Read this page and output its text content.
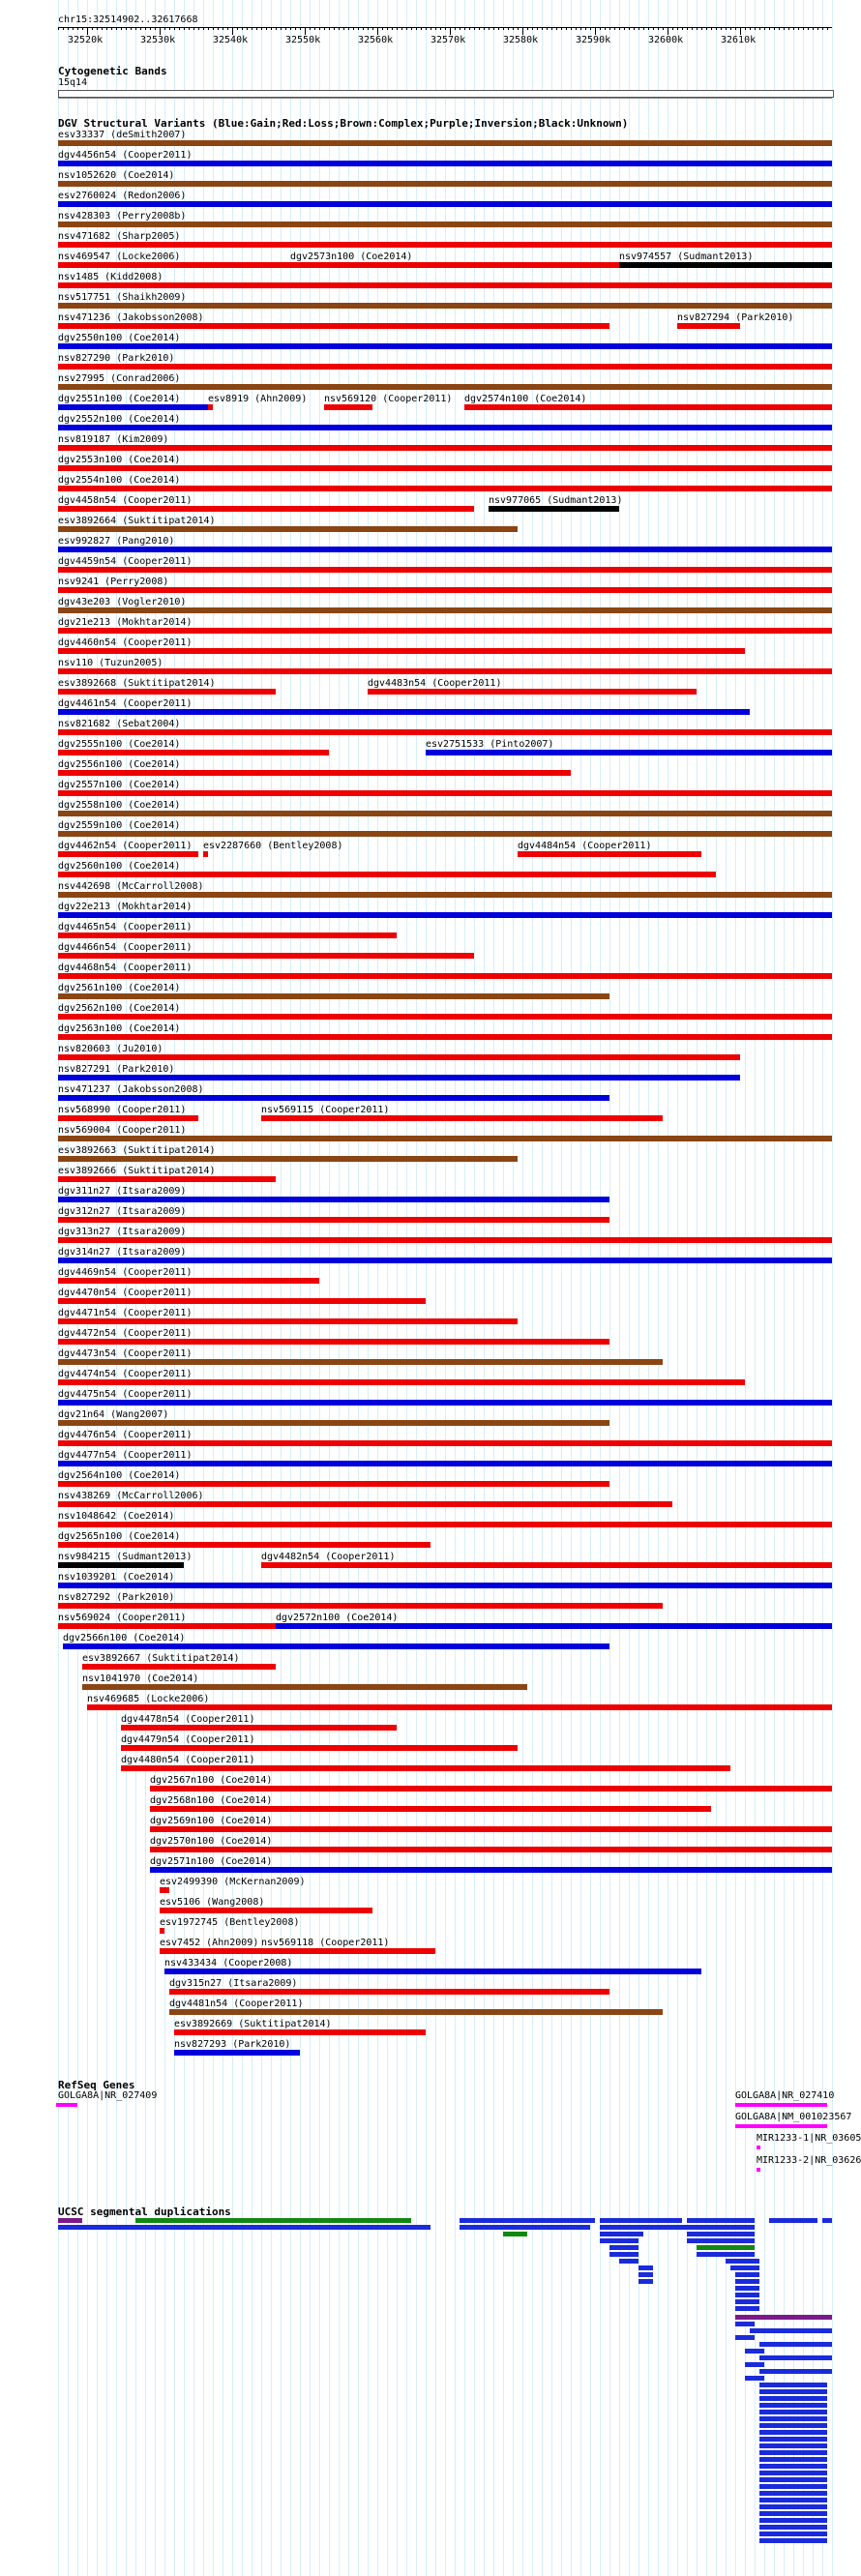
chr15:32514902..32617668
32520k	32530k	32540k	32550k	32560k	32570k	32580k	32590k	32600k	32610k
Cytogenetic Bands
15q14
DGV Structural Variants (Blue:Gain;Red:Loss;Brown:Complex;Purple;Inversion;Black:Unknown)
esv33337 (deSmith2007)
dgv4456n54 (Cooper2011)
nsv1052620 (Coe2014)
esv2760024 (Redon2006)
nsv428303 (Perry2008b)
nsv471682 (Sharp2005)
nsv469547 (Locke2006)	dgv2573n100 (Coe2014)	nsv974557 (Sudmant2013)
nsv1485 (Kidd2008)
nsv517751 (Shaikh2009)
nsv471236 (Jakobsson2008)	nsv827294 (Park2010)
dgv2550n100 (Coe2014)
nsv827290 (Park2010)
nsv27995 (Conrad2006)
dgv2551n100 (Coe2014)	esv8919 (Ahn2009) nsv569120 (Cooper2011) dgv2574n100 (Coe2014)
dgv2552n100 (Coe2014)
nsv819187 (Kim2009)
dgv2553n100 (Coe2014)
dgv2554n100 (Coe2014)
dgv4458n54 (Cooper2011)	nsv977065 (Sudmant2013)
esv3892664 (Suktitipat2014)
esv992827 (Pang2010)
dgv4459n54 (Cooper2011)
nsv9241 (Perry2008)
dgv43e203 (Vogler2010)
dgv21e213 (Mokhtar2014)
dgv4460n54 (Cooper2011)
nsv110 (Tuzun2005)
esv3892668 (Suktitipat2014)	dgv4483n54 (Cooper2011)
dgv4461n54 (Cooper2011)
nsv821682 (Sebat2004)
dgv2555n100 (Coe2014)	esv2751533 (Pinto2007)
dgv2556n100 (Coe2014)
dgv2557n100 (Coe2014)
dgv2558n100 (Coe2014)
dgv2559n100 (Coe2014)
dgv4462n54 (Cooper2011) esv2287660 (Bentley2008)	dgv4484n54 (Cooper2011)
dgv2560n100 (Coe2014)
nsv442698 (McCarroll2008)
dgv22e213 (Mokhtar2014)
dgv4465n54 (Cooper2011)
dgv4466n54 (Cooper2011)
dgv4468n54 (Cooper2011)
dgv2561n100 (Coe2014)
dgv2562n100 (Coe2014)
dgv2563n100 (Coe2014)
nsv820603 (Ju2010)
nsv827291 (Park2010)
nsv471237 (Jakobsson2008)
nsv568990 (Cooper2011)	nsv569115 (Cooper2011)
nsv569004 (Cooper2011)
esv3892663 (Suktitipat2014)
esv3892666 (Suktitipat2014)
dgv311n27 (Itsara2009)
dgv312n27 (Itsara2009)
dgv313n27 (Itsara2009)
dgv314n27 (Itsara2009)
dgv4469n54 (Cooper2011)
dgv4470n54 (Cooper2011)
dgv4471n54 (Cooper2011)
dgv4472n54 (Cooper2011)
dgv4473n54 (Cooper2011)
dgv4474n54 (Cooper2011)
dgv4475n54 (Cooper2011)
dgv21n64 (Wang2007)
dgv4476n54 (Cooper2011)
dgv4477n54 (Cooper2011)
dgv2564n100 (Coe2014)
nsv438269 (McCarroll2006)
nsv1048642 (Coe2014)
dgv2565n100 (Coe2014)
nsv984215 (Sudmant2013)	dgv4482n54 (Cooper2011)
nsv1039201 (Coe2014)
nsv827292 (Park2010)
nsv569024 (Cooper2011)	dgv2572n100 (Coe2014)
dgv2566n100 (Coe2014)
esv3892667 (Suktitipat2014)
nsv1041970 (Coe2014)
nsv469685 (Locke2006)
dgv4478n54 (Cooper2011)
dgv4479n54 (Cooper2011)
dgv4480n54 (Cooper2011)
dgv2567n100 (Coe2014)
dgv2568n100 (Coe2014)
dgv2569n100 (Coe2014)
dgv2570n100 (Coe2014)
dgv2571n100 (Coe2014)
esv2499390 (McKernan2009)
esv5106 (Wang2008)
esv1972745 (Bentley2008)
esv7452 (Ahn2009) nsv569118 (Cooper2011)
nsv433434 (Cooper2008)
dgv315n27 (Itsara2009)
dgv4481n54 (Cooper2011)
esv3892669 (Suktitipat2014)
nsv827293 (Park2010)
RefSeq Genes
GOLGA8A|NR_027409	GOLGA8A|NR_027410
GOLGA8A|NM_001023567
MIR1233-1|NR_03605
MIR1233-2|NR_03626
UCSC segmental duplications
